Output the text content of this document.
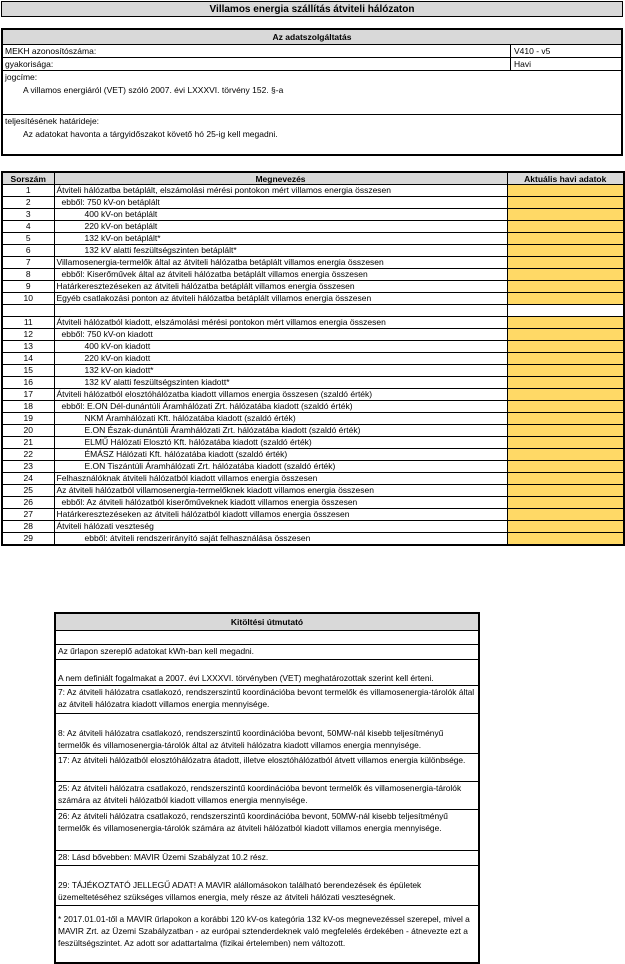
Villamos energia szállítás átviteli hálózaton
Az adatszolgáltatás
MEKH azonosítószáma:	V410 - v5
gyakorisága:	Havi
jogcíme:
A villamos energiáról (VET) szóló 2007. évi LXXXVI. törvény 152. §-a
teljesítésének határideje:
Az adatokat havonta a tárgyidőszakot követő hó 25-ig kell megadni.
Sorszám	Megnevezés	Aktuális havi adatok
1	Átviteli hálózatba betáplált, elszámolási mérési pontokon mért villamos energia összesen	
2	ebből: 750 kV-on betáplált	
3	400 kV-on betáplált	
4	220 kV-on betáplált	
5	132 kV-on betáplált*	
6	132 kV alatti feszültségszinten betáplált*	
7	Villamosenergia-termelők által az átviteli hálózatba betáplált villamos energia összesen	
8	ebből: Kiserőművek által az átviteli hálózatba betáplált villamos energia összesen	
9	Határkeresztezéseken az átviteli hálózatba betáplált villamos energia összesen	
10	Egyéb csatlakozási ponton az átviteli hálózatba betáplált villamos energia összesen	

11	Átviteli hálózatból kiadott, elszámolási mérési pontokon mért villamos energia összesen	
12	ebből: 750 kV-on kiadott	
13	400 kV-on kiadott	
14	220 kV-on kiadott	
15	132 kV-on kiadott*	
16	132 kV alatti feszültségszinten kiadott*	
17	Átviteli hálózatból elosztóhálózatba kiadott villamos energia összesen (szaldó érték)	
18	ebből: E.ON Dél-dunántúli Áramhálózati Zrt. hálózatába kiadott (szaldó érték)	
19	NKM Áramhálózati Kft. hálózatába kiadott (szaldó érték)	
20	E.ON Észak-dunántúli Áramhálózati Zrt. hálózatába kiadott (szaldó érték)	
21	ELMŰ Hálózati Elosztó Kft. hálózatába kiadott (szaldó érték)	
22	ÉMÁSZ Hálózati Kft. hálózatába kiadott (szaldó érték)	
23	E.ON Tiszántúli Áramhálózati Zrt. hálózatába kiadott (szaldó érték)	
24	Felhasználóknak átviteli hálózatból kiadott villamos energia összesen	
25	Az átviteli hálózatból villamosenergia-termelőknek kiadott villamos energia összesen	
26	ebből: Az átviteli hálózatból kiserőműveknek kiadott villamos energia összesen	
27	Határkeresztezéseken az átviteli hálózatból kiadott villamos energia összesen	
28	Átviteli hálózati veszteség	
29	ebből: átviteli rendszerirányító saját felhasználása összesen	
Kitöltési útmutató
Az űrlapon szereplő adatokat kWh-ban kell megadni.
A nem definiált fogalmakat a 2007. évi LXXXVI. törvényben (VET) meghatározottak szerint kell érteni.
7: Az átviteli hálózatra csatlakozó, rendszerszintű koordinációba bevont termelők és villamosenergia-tárolók által az átviteli hálózatra kiadott villamos energia mennyisége.
8: Az átviteli hálózatra csatlakozó, rendszerszintű koordinációba bevont, 50MW-nál kisebb teljesítményű termelők és villamosenergia-tárolók által az átviteli hálózatra kiadott villamos energia mennyisége.
17: Az átviteli hálózatból elosztóhálózatra átadott, illetve elosztóhálózatból átvett villamos energia különbsége.
25: Az átviteli hálózatra csatlakozó, rendszerszintű koordinációba bevont termelők és villamosenergia-tárolók számára az átviteli hálózatból kiadott villamos energia mennyisége.
26: Az átviteli hálózatra csatlakozó, rendszerszintű koordinációba bevont, 50MW-nál kisebb teljesítményű termelők és villamosenergia-tárolók számára az átviteli hálózatból kiadott villamos energia mennyisége.
28: Lásd bővebben: MAVIR Üzemi Szabályzat 10.2 rész.
29: TÁJÉKOZTATÓ JELLEGŰ ADAT! A MAVIR alállomásokon található berendezések és épületek üzemeltetéséhez szükséges villamos energia, mely része az átviteli hálózati veszteségnek.
* 2017.01.01-től a MAVIR űrlapokon a korábbi 120 kV-os kategória 132 kV-os megnevezéssel szerepel, mivel a MAVIR Zrt. az Üzemi Szabályzatban - az európai sztenderdeknek való megfelelés érdekében - átnevezte ezt a feszültségszintet. Az adott sor adattartalma (fizikai értelemben) nem változott.
